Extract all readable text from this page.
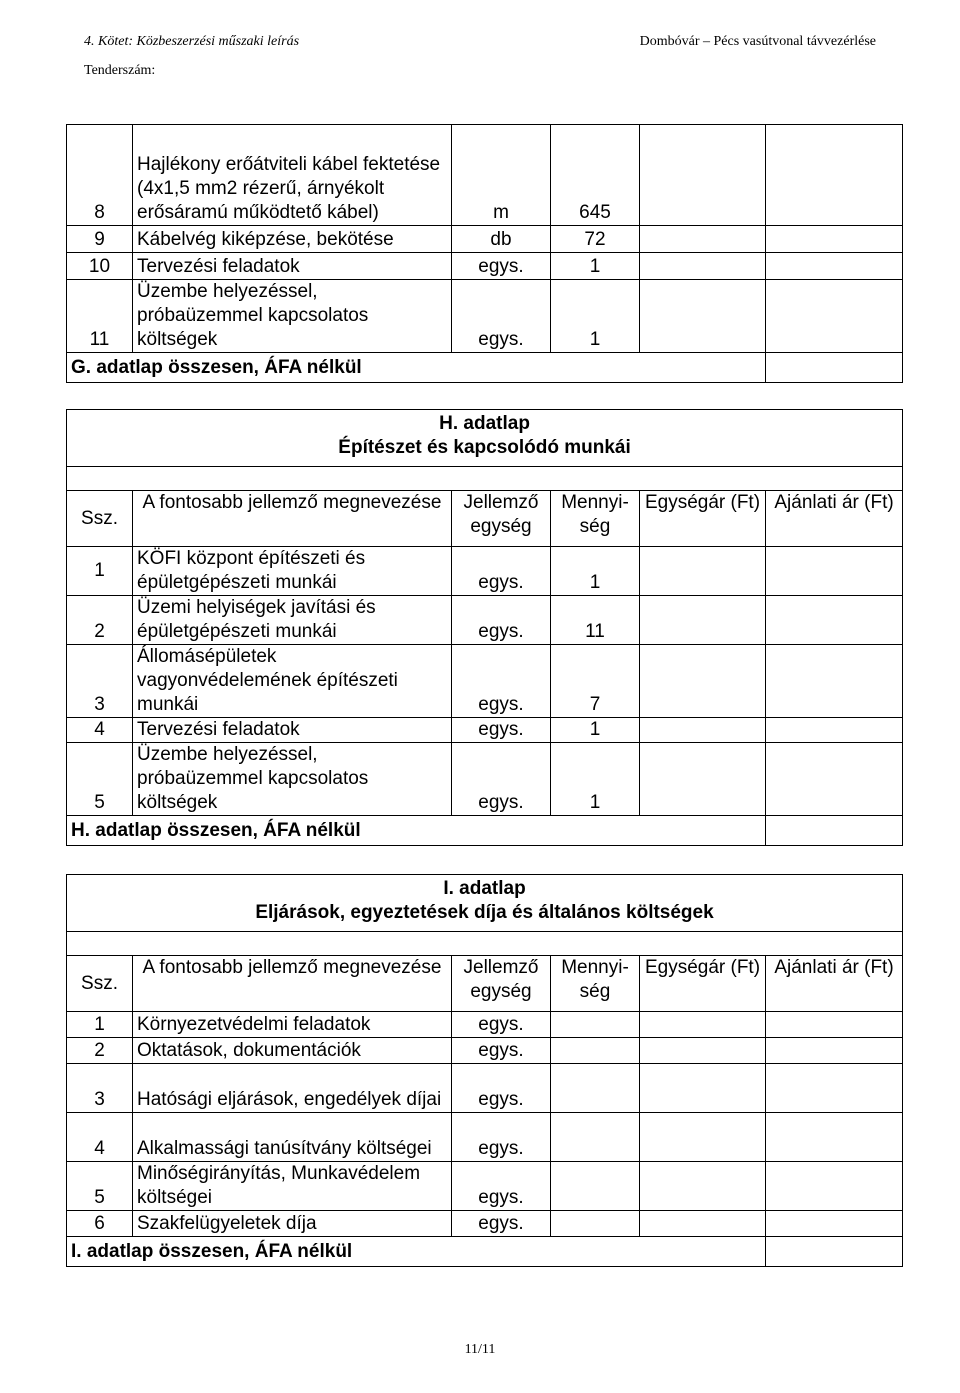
4. Kötet: Közbeszerzési műszaki leírás	Dombóvár – Pécs vasútvonal távvezérlése
Tenderszám:
8	Hajlékony erőátviteli kábel fektetése (4x1,5 mm2 rézerű, árnyékolt erősáramú működtető kábel)	m	645		
9	Kábelvég kiképzése, bekötése	db	72		
10	Tervezési feladatok	egys.	1		
11	Üzembe helyezéssel, próbaüzemmel kapcsolatos költségek	egys.	1		
G. adatlap összesen, ÁFA nélkül					
H. adatlap
Építészet és kapcsolódó munkái					

Ssz.	A fontosabb jellemző megnevezése	Jellemző egység	Mennyi-ség	Egységár (Ft)	Ajánlati ár (Ft)
1	KÖFI központ építészeti és épületgépészeti munkái	egys.	1		
2	Üzemi helyiségek javítási és épületgépészeti munkái	egys.	11		
3	Állomásépületek vagyonvédelemének építészeti munkái	egys.	7		
4	Tervezési feladatok	egys.	1		
5	Üzembe helyezéssel, próbaüzemmel kapcsolatos költségek	egys.	1		
H. adatlap összesen, ÁFA nélkül					
I. adatlap
Eljárások, egyeztetések díja és általános költségek					

Ssz.	A fontosabb jellemző megnevezése	Jellemző egység	Mennyi-ség	Egységár (Ft)	Ajánlati ár (Ft)
1	Környezetvédelmi feladatok	egys.			
2	Oktatások, dokumentációk	egys.			
3	Hatósági eljárások, engedélyek díjai	egys.			
4	Alkalmassági tanúsítvány költségei	egys.			
5	Minőségirányítás, Munkavédelem költségei	egys.			
6	Szakfelügyeletek díja	egys.			
I. adatlap összesen, ÁFA nélkül					
11/11
